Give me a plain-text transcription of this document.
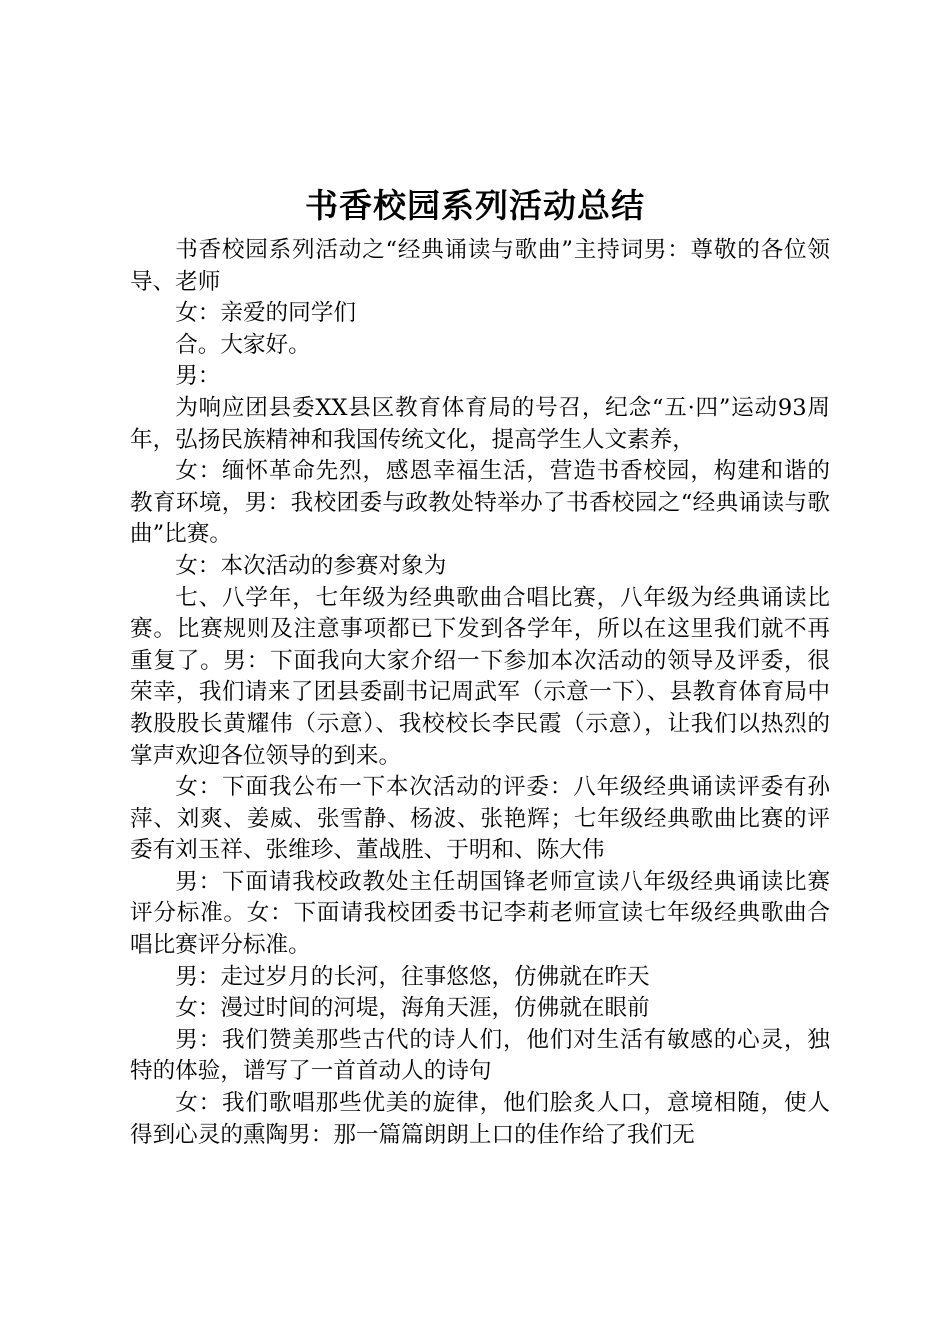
书香校园系列活动总结

书香校园系列活动之“经典诵读与歌曲”主持词男：尊敬的各位领导、老师

女：亲爱的同学们

合。大家好。

男：

为响应团县委XX县区教育体育局的号召，纪念“五·四”运动93周年，弘扬民族精神和我国传统文化，提高学生人文素养，

女：缅怀革命先烈，感恩幸福生活，营造书香校园，构建和谐的教育环境，男：我校团委与政教处特举办了书香校园之“经典诵读与歌曲”比赛。

女：本次活动的参赛对象为

七、八学年，七年级为经典歌曲合唱比赛，八年级为经典诵读比赛。比赛规则及注意事项都已下发到各学年，所以在这里我们就不再重复了。男：下面我向大家介绍一下参加本次活动的领导及评委，很荣幸，我们请来了团县委副书记周武军（示意一下）、县教育体育局中教股股长黄耀伟（示意）、我校校长李民霞（示意），让我们以热烈的掌声欢迎各位领导的到来。

女：下面我公布一下本次活动的评委：八年级经典诵读评委有孙萍、刘爽、姜威、张雪静、杨波、张艳辉；七年级经典歌曲比赛的评委有刘玉祥、张维珍、董战胜、于明和、陈大伟

男：下面请我校政教处主任胡国锋老师宣读八年级经典诵读比赛评分标准。女：下面请我校团委书记李莉老师宣读七年级经典歌曲合唱比赛评分标准。

男：走过岁月的长河，往事悠悠，仿佛就在昨天

女：漫过时间的河堤，海角天涯，仿佛就在眼前

男：我们赞美那些古代的诗人们，他们对生活有敏感的心灵，独特的体验，谱写了一首首动人的诗句

女：我们歌唱那些优美的旋律，他们脍炙人口，意境相随，使人得到心灵的熏陶男：那一篇篇朗朗上口的佳作给了我们无
